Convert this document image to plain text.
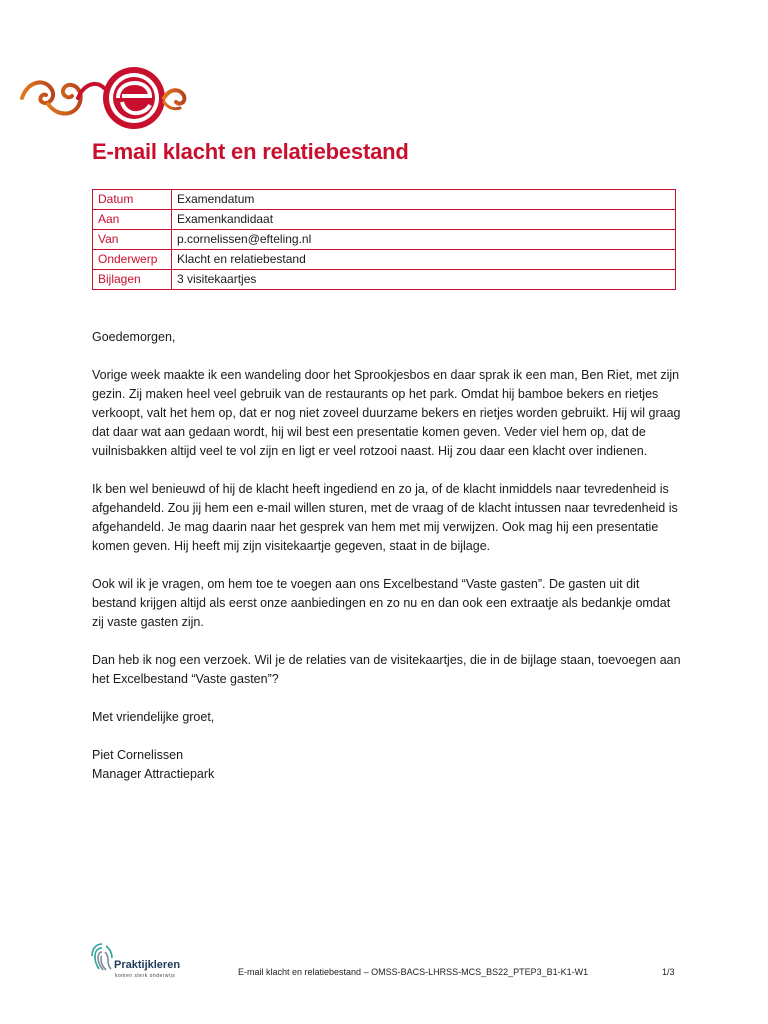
E-mail klacht en relatiebestand
Datum	Examendatum
Aan	Examenkandidaat
Van	p.cornelissen@efteling.nl
Onderwerp	Klacht en relatiebestand
Bijlagen	3 visitekaartjes

Goedemorgen,

Vorige week maakte ik een wandeling door het Sprookjesbos en daar sprak ik een man, Ben Riet, met zijn gezin. Zij maken heel veel gebruik van de restaurants op het park. Omdat hij bamboe bekers en rietjes verkoopt, valt het hem op, dat er nog niet zoveel duurzame bekers en rietjes worden gebruikt. Hij wil graag dat daar wat aan gedaan wordt, hij wil best een presentatie komen geven. Veder viel hem op, dat de vuilnisbakken altijd veel te vol zijn en ligt er veel rotzooi naast. Hij zou daar een klacht over indienen.

Ik ben wel benieuwd of hij de klacht heeft ingediend en zo ja, of de klacht inmiddels naar tevredenheid is afgehandeld. Zou jij hem een e-mail willen sturen, met de vraag of de klacht intussen naar tevredenheid is afgehandeld. Je mag daarin naar het gesprek van hem met mij verwijzen. Ook mag hij een presentatie komen geven. Hij heeft mij zijn visitekaartje gegeven, staat in de bijlage.

Ook wil ik je vragen, om hem toe te voegen aan ons Excelbestand “Vaste gasten”. De gasten uit dit bestand krijgen altijd als eerst onze aanbiedingen en zo nu en dan ook een extraatje als bedankje omdat zij vaste gasten zijn.

Dan heb ik nog een verzoek. Wil je de relaties van de visitekaartjes, die in de bijlage staan, toevoegen aan het Excelbestand “Vaste gasten”?

Met vriendelijke groet,

Piet Cornelissen

Manager Attractiepark

Praktijkleren
komen sterk onderwijs	E-mail klacht en relatiebestand – OMSS-BACS-LHRSS-MCS_BS22_PTEP3_B1-K1-W1	1/3
